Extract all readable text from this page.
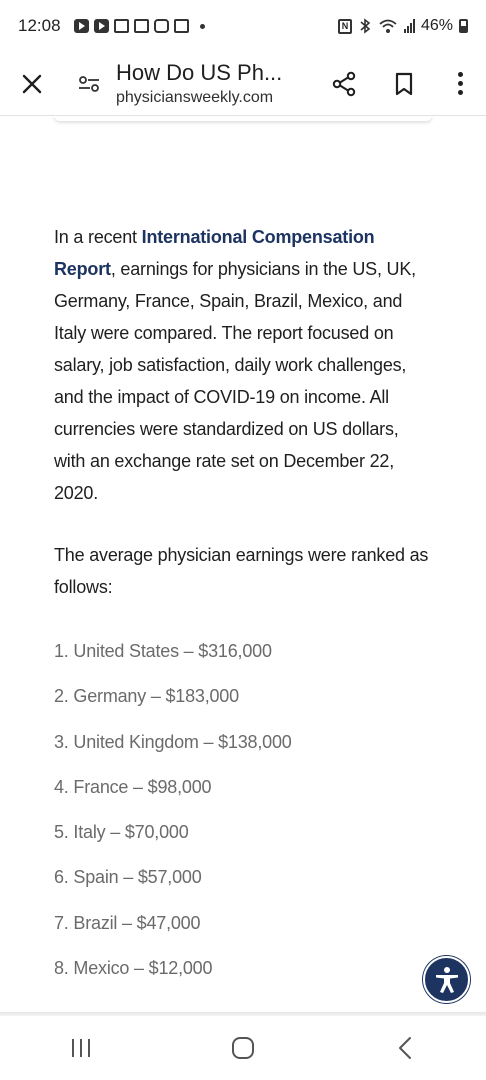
12:08	N	46%
How Do US Ph...
physiciansweekly.com

In a recent International Compensation Report, earnings for physicians in the US, UK, Germany, France, Spain, Brazil, Mexico, and Italy were compared. The report focused on salary, job satisfaction, daily work challenges, and the impact of COVID-19 on income. All currencies were standardized on US dollars, with an exchange rate set on December 22, 2020.

The average physician earnings were ranked as follows:

1. United States – $316,000
2. Germany – $183,000
3. United Kingdom – $138,000
4. France – $98,000
5. Italy – $70,000
6. Spain – $57,000
7. Brazil – $47,000
8. Mexico – $12,000
